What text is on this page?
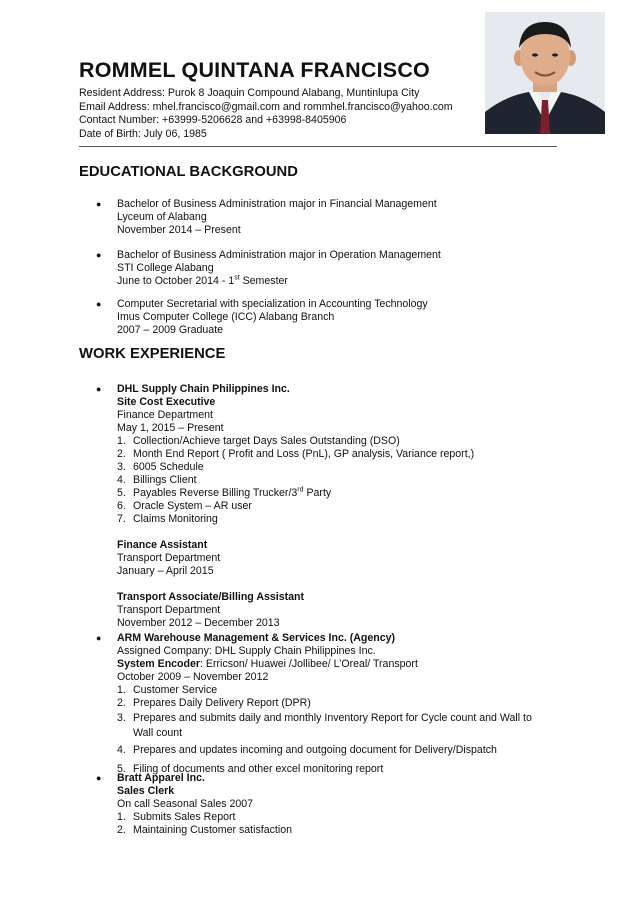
ROMMEL QUINTANA FRANCISCO
Resident Address: Purok 8 Joaquin Compound Alabang, Muntinlupa City
Email Address: mhel.francisco@gmail.com and rommhel.francisco@yahoo.com
Contact Number: +63999-5206628 and +63998-8405906
Date of Birth: July 06, 1985
EDUCATIONAL BACKGROUND
● Bachelor of Business Administration major in Financial Management
Lyceum of Alabang
November 2014 – Present
● Bachelor of Business Administration major in Operation Management
STI College Alabang
June to October 2014 - 1st Semester
● Computer Secretarial with specialization in Accounting Technology
Imus Computer College (ICC) Alabang Branch
2007 – 2009 Graduate
WORK EXPERIENCE
● DHL Supply Chain Philippines Inc.
Site Cost Executive
Finance Department
May 1, 2015 – Present
1. Collection/Achieve target Days Sales Outstanding (DSO)
2. Month End Report ( Profit and Loss (PnL), GP analysis, Variance report,)
3. 6005 Schedule
4. Billings Client
5. Payables Reverse Billing Trucker/3rd Party
6. Oracle System – AR user
7. Claims Monitoring
Finance Assistant
Transport Department
January – April 2015
Transport Associate/Billing Assistant
Transport Department
November 2012 – December 2013
● ARM Warehouse Management & Services Inc. (Agency)
Assigned Company: DHL Supply Chain Philippines Inc.
System Encoder: Erricson/ Huawei /Jollibee/ L’Oreal/ Transport
October 2009 – November 2012
1. Customer Service
2. Prepares Daily Delivery Report (DPR)
3. Prepares and submits daily and monthly Inventory Report for Cycle count and Wall to
Wall count
4. Prepares and updates incoming and outgoing document for Delivery/Dispatch
5. Filing of documents and other excel monitoring report
● Bratt Apparel Inc.
Sales Clerk
On call Seasonal Sales 2007
1. Submits Sales Report
2. Maintaining Customer satisfaction
